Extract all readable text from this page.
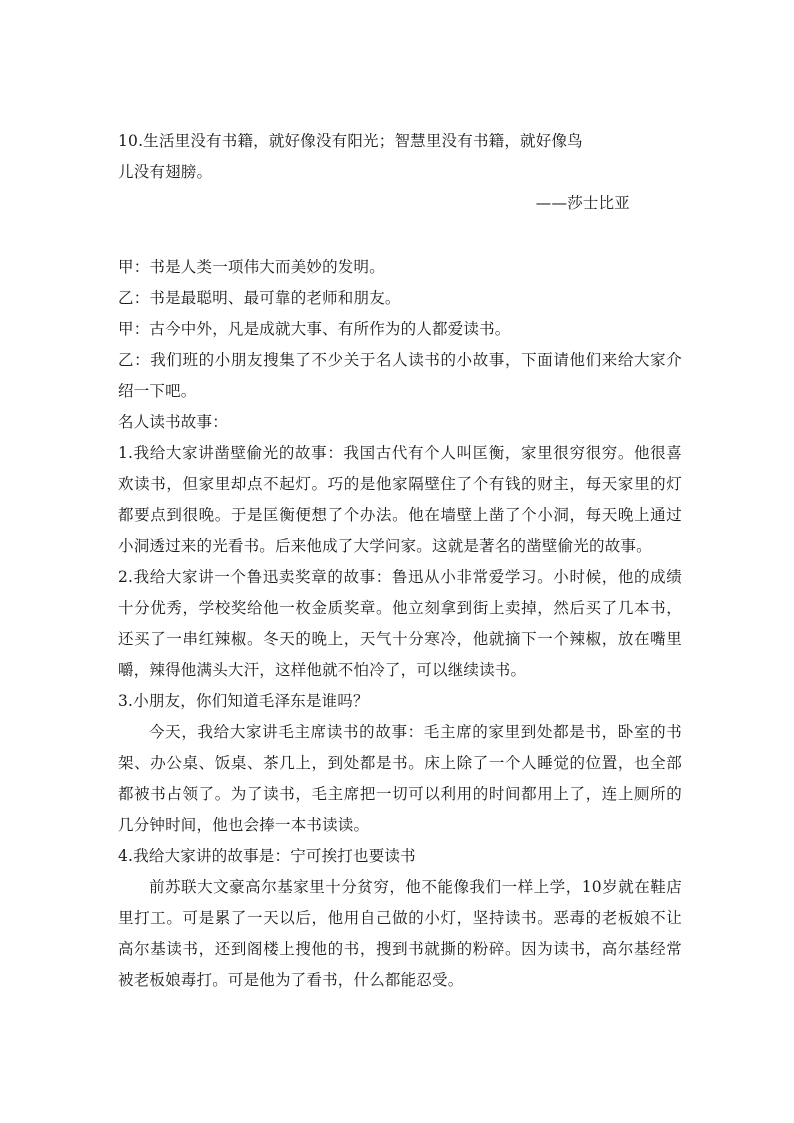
10.生活里没有书籍，就好像没有阳光；智慧里没有书籍，就好像鸟
儿没有翅膀。
——莎士比亚

甲：书是人类一项伟大而美妙的发明。

乙：书是最聪明、最可靠的老师和朋友。

甲：古今中外，凡是成就大事、有所作为的人都爱读书。

乙：我们班的小朋友搜集了不少关于名人读书的小故事，下面请他们来给大家介绍一下吧。

名人读书故事：

1.我给大家讲凿壁偷光的故事：我国古代有个人叫匡衡，家里很穷很穷。他很喜欢读书，但家里却点不起灯。巧的是他家隔壁住了个有钱的财主，每天家里的灯都要点到很晚。于是匡衡便想了个办法。他在墙壁上凿了个小洞，每天晚上通过小洞透过来的光看书。后来他成了大学问家。这就是著名的凿壁偷光的故事。

2.我给大家讲一个鲁迅卖奖章的故事：鲁迅从小非常爱学习。小时候，他的成绩十分优秀，学校奖给他一枚金质奖章。他立刻拿到街上卖掉，然后买了几本书，还买了一串红辣椒。冬天的晚上，天气十分寒冷，他就摘下一个辣椒，放在嘴里嚼，辣得他满头大汗，这样他就不怕冷了，可以继续读书。

3.小朋友，你们知道毛泽东是谁吗？

今天，我给大家讲毛主席读书的故事：毛主席的家里到处都是书，卧室的书架、办公桌、饭桌、茶几上，到处都是书。床上除了一个人睡觉的位置，也全部都被书占领了。为了读书，毛主席把一切可以利用的时间都用上了，连上厕所的几分钟时间，他也会捧一本书读读。

4.我给大家讲的故事是：宁可挨打也要读书

前苏联大文豪高尔基家里十分贫穷，他不能像我们一样上学，10岁就在鞋店里打工。可是累了一天以后，他用自己做的小灯，坚持读书。恶毒的老板娘不让高尔基读书，还到阁楼上搜他的书，搜到书就撕的粉碎。因为读书，高尔基经常被老板娘毒打。可是他为了看书，什么都能忍受。
